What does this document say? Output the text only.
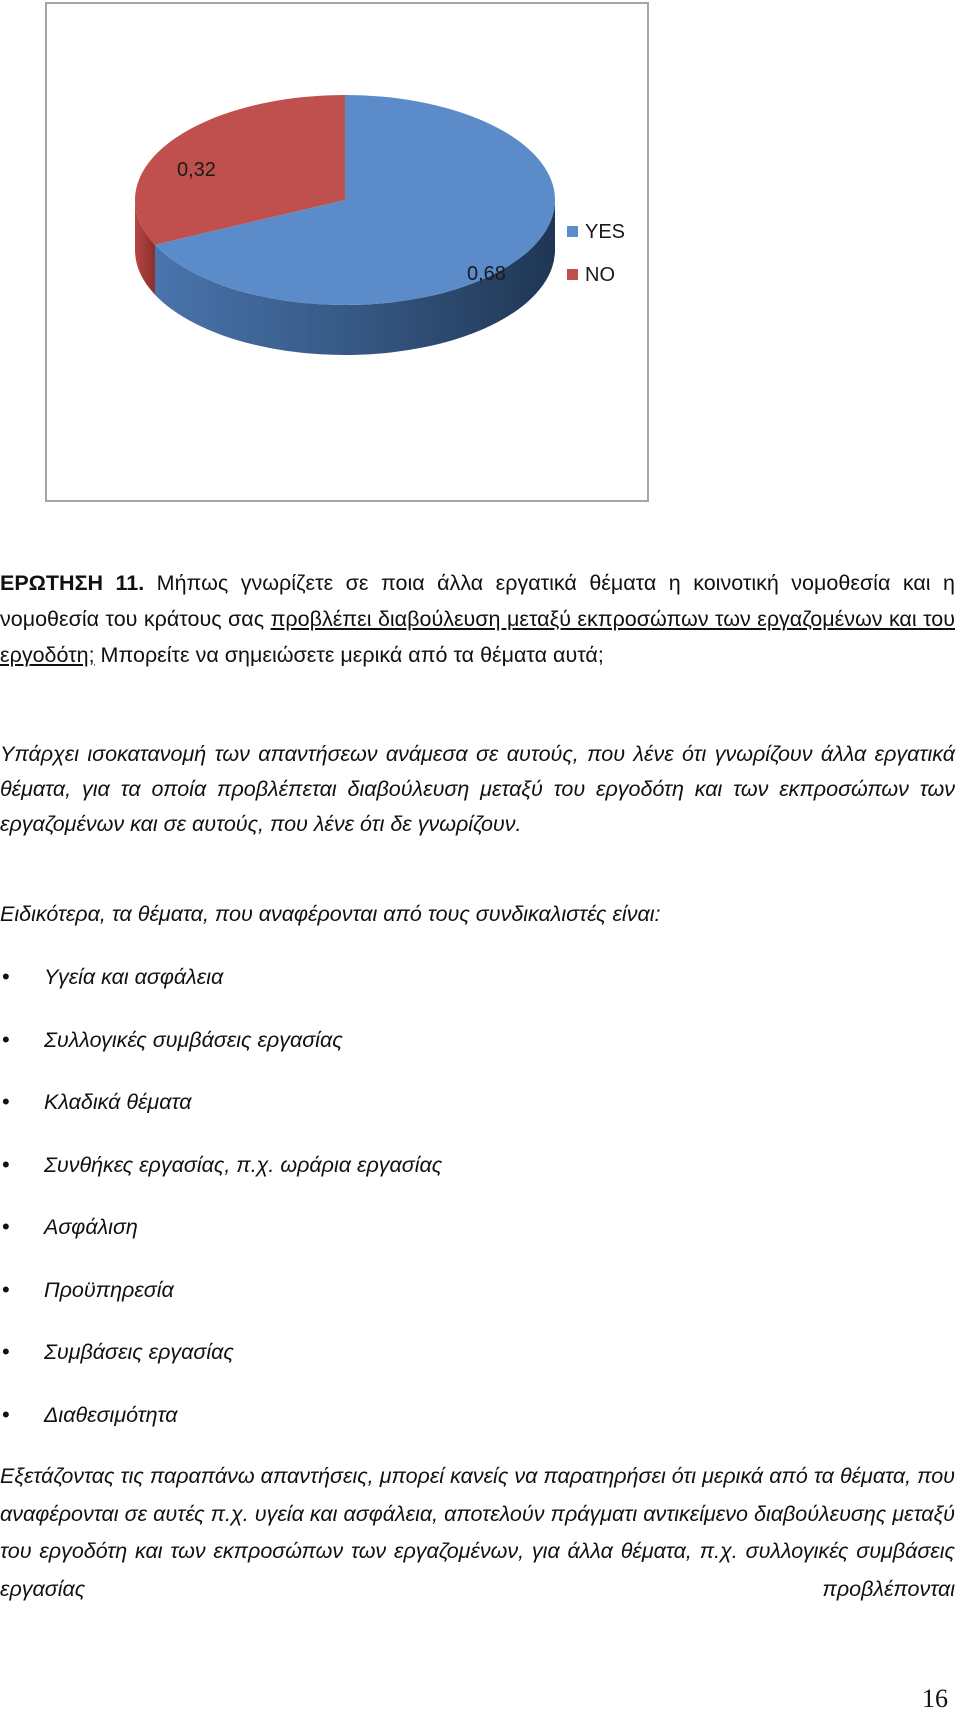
0,32
0,68
YES
NO
ΕΡΩΤΗΣΗ 11. Μήπως γνωρίζετε σε ποια άλλα εργατικά θέματα η κοινοτική νομοθεσία και η νομοθεσία του κράτους σας προβλέπει διαβούλευση μεταξύ εκπροσώπων των εργαζομένων και του εργοδότη; Μπορείτε να σημειώσετε μερικά από τα θέματα αυτά;
Υπάρχει ισοκατανομή των απαντήσεων ανάμεσα σε αυτούς, που λένε ότι γνωρίζουν άλλα εργατικά θέματα, για τα οποία προβλέπεται διαβούλευση μεταξύ του εργοδότη και των εκπροσώπων των εργαζομένων και σε αυτούς, που λένε ότι δε γνωρίζουν.
Ειδικότερα, τα θέματα, που αναφέρονται από τους συνδικαλιστές είναι:
• Υγεία και ασφάλεια
• Συλλογικές συμβάσεις εργασίας
• Κλαδικά θέματα
• Συνθήκες εργασίας, π.χ. ωράρια εργασίας
• Ασφάλιση
• Προϋπηρεσία
• Συμβάσεις εργασίας
• Διαθεσιμότητα
Εξετάζοντας τις παραπάνω απαντήσεις, μπορεί κανείς να παρατηρήσει ότι μερικά από τα θέματα, που αναφέρονται σε αυτές π.χ. υγεία και ασφάλεια, αποτελούν πράγματι αντικείμενο διαβούλευσης μεταξύ του εργοδότη και των εκπροσώπων των εργαζομένων, για άλλα θέματα, π.χ. συλλογικές συμβάσεις εργασίας προβλέπονται
16
